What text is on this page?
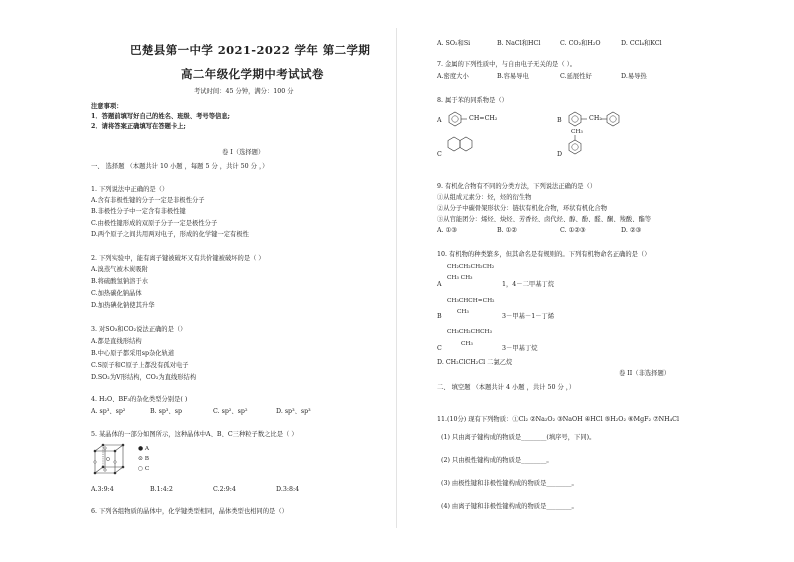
巴楚县第一中学 2021-2022 学年 第二学期
高二年级化学期中考试试卷
考试时间：45 分钟，满分：100 分
注意事项：
1．答题前填写好自己的姓名、班级、考号等信息;
2．请将答案正确填写在答题卡上;
卷 I（选择题）
一、 选择题 （本题共计 10 小题 ，每题 5 分 ，共计 50 分 ，）
1. 下列说法中正确的是（）
A.含有非极性键的分子一定是非极性分子
B.非极性分子中一定含有非极性键
C.由极性键形成的双原子分子一定是极性分子
D.两个原子之间共用两对电子，形成的化学键一定有极性
2. 下列实验中，能有离子键被破坏又有共价键被破坏的是（ ）
A.溴蒸气被木炭吸附
B.将硫酸氢钠溶于水
C.加热碳化钠晶体
D.加热碘化钠使其升华
3. 对SO₃和CO₂说法正确的是（）
A.都是直线形结构
B.中心原子都采用sp杂化轨道
C.S原子和C原子上都没有孤对电子
D.SO₂为V形结构，CO₂为直线形结构
4. H₂O、BF₃的杂化类型分别是( )
A. sp³、sp²	B. sp³、sp	C. sp²、sp²	D. sp³、sp³
5. 某晶体的一部分如图所示，这种晶体中A、B、C三种粒子数之比是（ ）
● A
⊙ B
○ C
A.3:9:4	B.1:4:2	C.2:9:4	D.3:8:4
6. 下列各组物质的晶体中，化学键类型相同，晶体类型也相同的是（）
A. SO₂和Si	B. NaCl和HCl	C. CO₂和H₂O	D. CCl₄和KCl
7. 金属的下列性质中，与自由电子无关的是（ ）。
A.密度大小	B.容易导电	C.延展性好	D.易导热
8. 属于苯的同系物是（）
A	CH=CH₂	B	CH₂
C	D
CH₃
9. 有机化合物有不同的分类方法，下列说法正确的是（）
①从组成元素分：烃，烃的衍生物
②从分子中碳骨架形状分：链状有机化合物，环状有机化合物
③从官能团分：烯烃、炔烃、芳香烃、卤代烃、醇、酚、醛、酮、羧酸、酯等
A. ①③	B. ①②	C. ①②③	D. ②③
10. 有机物的种类繁多，但其命名是有规则的。下列有机物命名正确的是（）
CH₂CH₂CH₂CH₂
CH₃ CH₃
A	1，4－二甲基丁烷
CH₃CHCH=CH₂
CH₃
B	3－甲基－1－丁烯
CH₃CH₂CHCH₃
CH₃
C	3－甲基丁烷
D. CH₂ClCH₂Cl 二氯乙烷
卷 II（非选择题）
二、 填空题 （本题共计 4 小题 ，共计 50 分 ，）
11.(10分) 现有下列物质：①Cl₂ ②Na₂O₂ ③NaOH ④HCl ⑤H₂O₂ ⑥MgF₂ ⑦NH₄Cl
(1) 只由离子键构成的物质是________(填序号，下同)。
(2) 只由极性键构成的物质是________。
(3) 由极性键和非极性键构成的物质是________。
(4) 由离子键和非极性键构成的物质是________。
